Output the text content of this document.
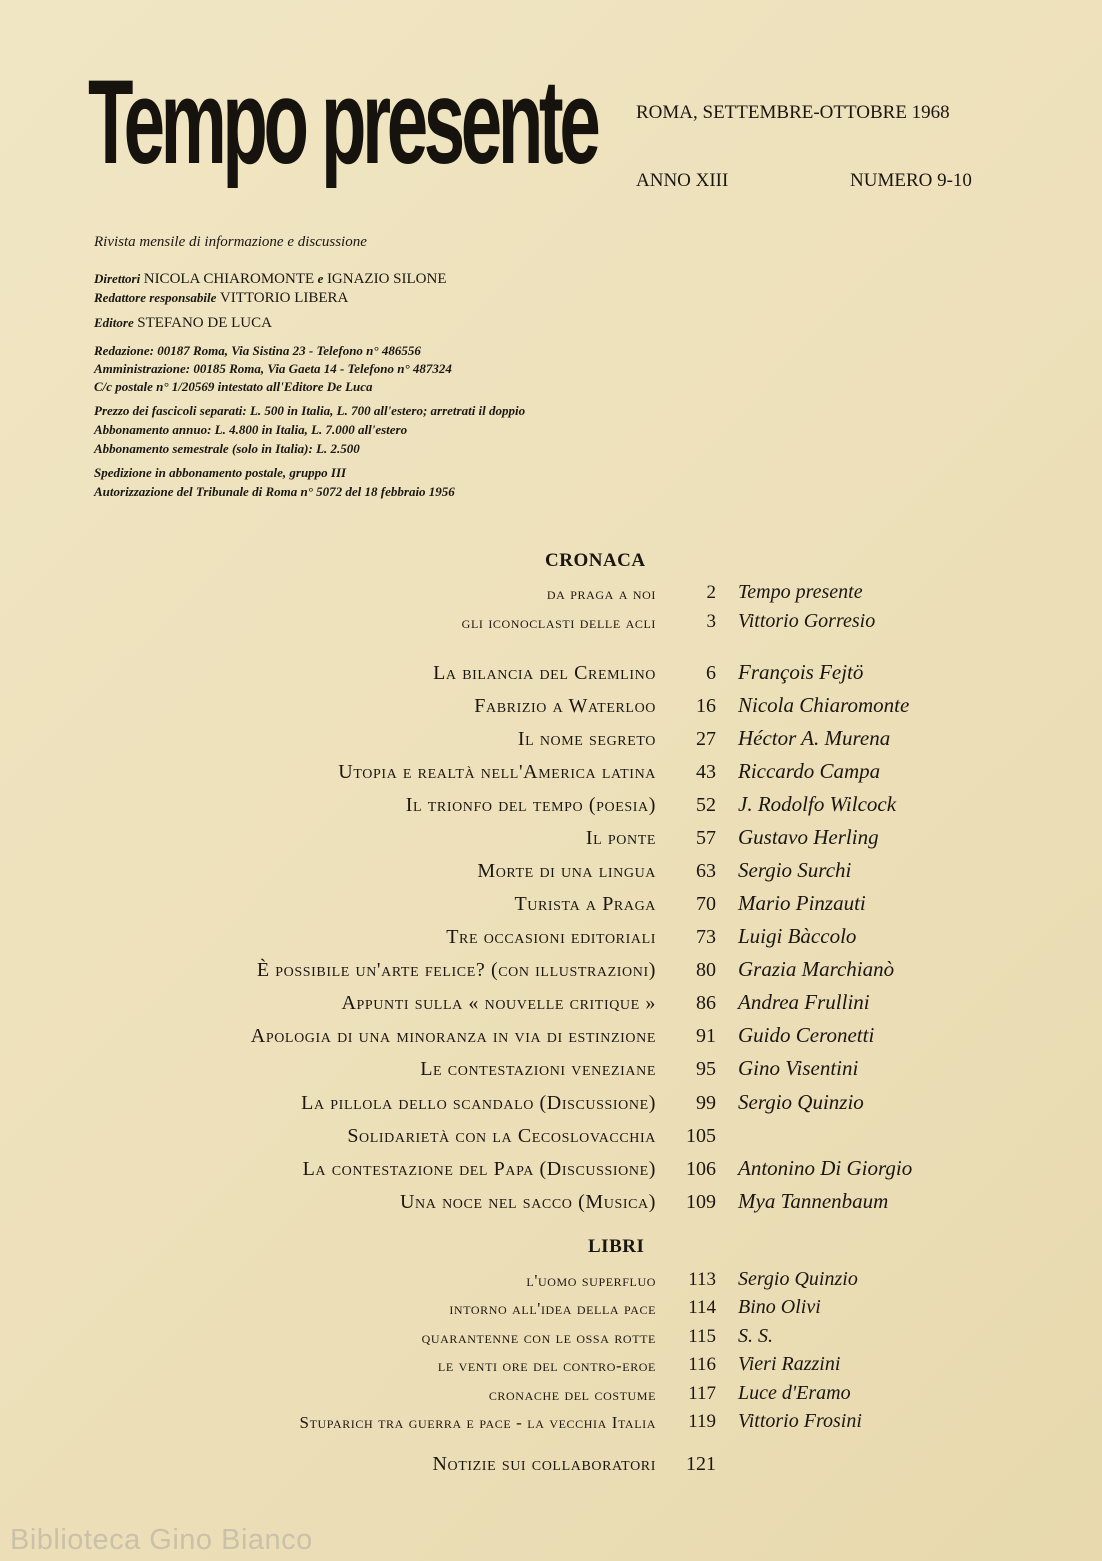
Tempo presente ROMA, SETTEMBRE-OTTOBRE 1968
ANNO XIII	NUMERO 9-10
Rivista mensile di informazione e discussione
Direttori NICOLA CHIAROMONTE e IGNAZIO SILONE
Redattore responsabile VITTORIO LIBERA
Editore STEFANO DE LUCA
Redazione: 00187 Roma, Via Sistina 23 - Telefono n° 486556
Amministrazione: 00185 Roma, Via Gaeta 14 - Telefono n° 487324
C/c postale n° 1/20569 intestato all'Editore De Luca
Prezzo dei fascicoli separati: L. 500 in Italia, L. 700 all'estero; arretrati il doppio
Abbonamento annuo: L. 4.800 in Italia, L. 7.000 all'estero
Abbonamento semestrale (solo in Italia): L. 2.500
Spedizione in abbonamento postale, gruppo III
Autorizzazione del Tribunale di Roma n° 5072 del 18 febbraio 1956
CRONACA
da praga a noi	2 Tempo presente
gli iconoclasti delle acli	3 Vittorio Gorresio
La bilancia del Cremlino	6 François Fejtö
Fabrizio a Waterloo 16 Nicola Chiaromonte
Il nome segreto 27 Héctor A. Murena
Utopia e realtà nell'America latina 43 Riccardo Campa
Il trionfo del tempo (poesia) 52 J. Rodolfo Wilcock
Il ponte 57 Gustavo Herling
Morte di una lingua 63 Sergio Surchi
Turista a Praga 70 Mario Pinzauti
Tre occasioni editoriali 73 Luigi Bàccolo
È possibile un'arte felice? (con illustrazioni) 80 Grazia Marchianò
Appunti sulla « nouvelle critique » 86 Andrea Frullini
Apologia di una minoranza in via di estinzione 91 Guido Ceronetti
Le contestazioni veneziane 95 Gino Visentini
La pillola dello scandalo (Discussione) 99 Sergio Quinzio
Solidarietà con la Cecoslovacchia 105
La contestazione del Papa (Discussione) 106 Antonino Di Giorgio
Una noce nel sacco (Musica) 109 Mya Tannenbaum
LIBRI
l'uomo superfluo 113 Sergio Quinzio
intorno all'idea della pace 114 Bino Olivi
quarantenne con le ossa rotte 115 S. S.
le venti ore del contro-eroe 116 Vieri Razzini
cronache del costume 117 Luce d'Eramo
Stuparich tra guerra e pace - la vecchia Italia 119 Vittorio Frosini
Notizie sui collaboratori 121
Biblioteca Gino Bianco
